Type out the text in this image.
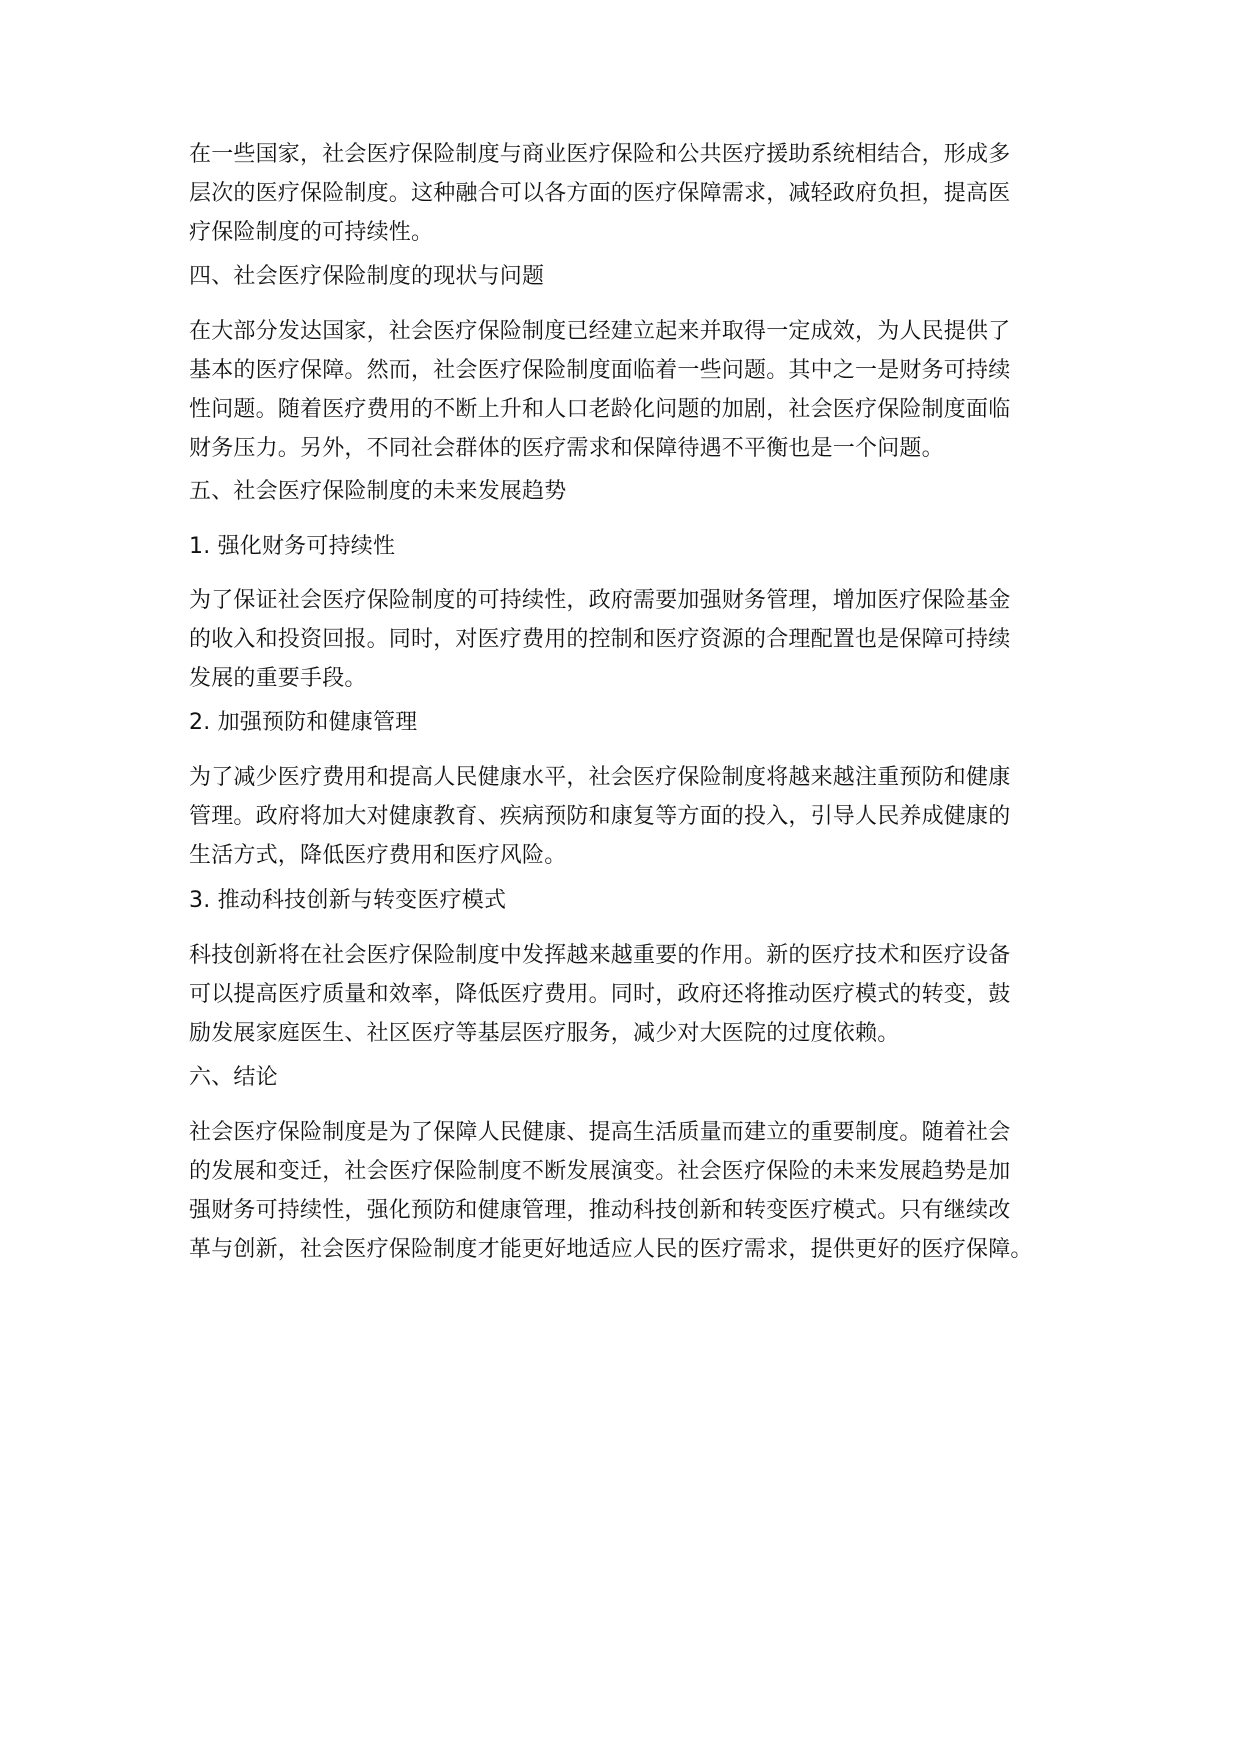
在一些国家，社会医疗保险制度与商业医疗保险和公共医疗援助系统相结合，形成多
层次的医疗保险制度。这种融合可以各方面的医疗保障需求，减轻政府负担，提高医
疗保险制度的可持续性。
四、社会医疗保险制度的现状与问题
在大部分发达国家，社会医疗保险制度已经建立起来并取得一定成效，为人民提供了
基本的医疗保障。然而，社会医疗保险制度面临着一些问题。其中之一是财务可持续
性问题。随着医疗费用的不断上升和人口老龄化问题的加剧，社会医疗保险制度面临
财务压力。另外，不同社会群体的医疗需求和保障待遇不平衡也是一个问题。
五、社会医疗保险制度的未来发展趋势
1. 强化财务可持续性
为了保证社会医疗保险制度的可持续性，政府需要加强财务管理，增加医疗保险基金
的收入和投资回报。同时，对医疗费用的控制和医疗资源的合理配置也是保障可持续
发展的重要手段。
2. 加强预防和健康管理
为了减少医疗费用和提高人民健康水平，社会医疗保险制度将越来越注重预防和健康
管理。政府将加大对健康教育、疾病预防和康复等方面的投入，引导人民养成健康的
生活方式，降低医疗费用和医疗风险。
3. 推动科技创新与转变医疗模式
科技创新将在社会医疗保险制度中发挥越来越重要的作用。新的医疗技术和医疗设备
可以提高医疗质量和效率，降低医疗费用。同时，政府还将推动医疗模式的转变，鼓
励发展家庭医生、社区医疗等基层医疗服务，减少对大医院的过度依赖。
六、结论
社会医疗保险制度是为了保障人民健康、提高生活质量而建立的重要制度。随着社会
的发展和变迁，社会医疗保险制度不断发展演变。社会医疗保险的未来发展趋势是加
强财务可持续性，强化预防和健康管理，推动科技创新和转变医疗模式。只有继续改
革与创新，社会医疗保险制度才能更好地适应人民的医疗需求，提供更好的医疗保障。
